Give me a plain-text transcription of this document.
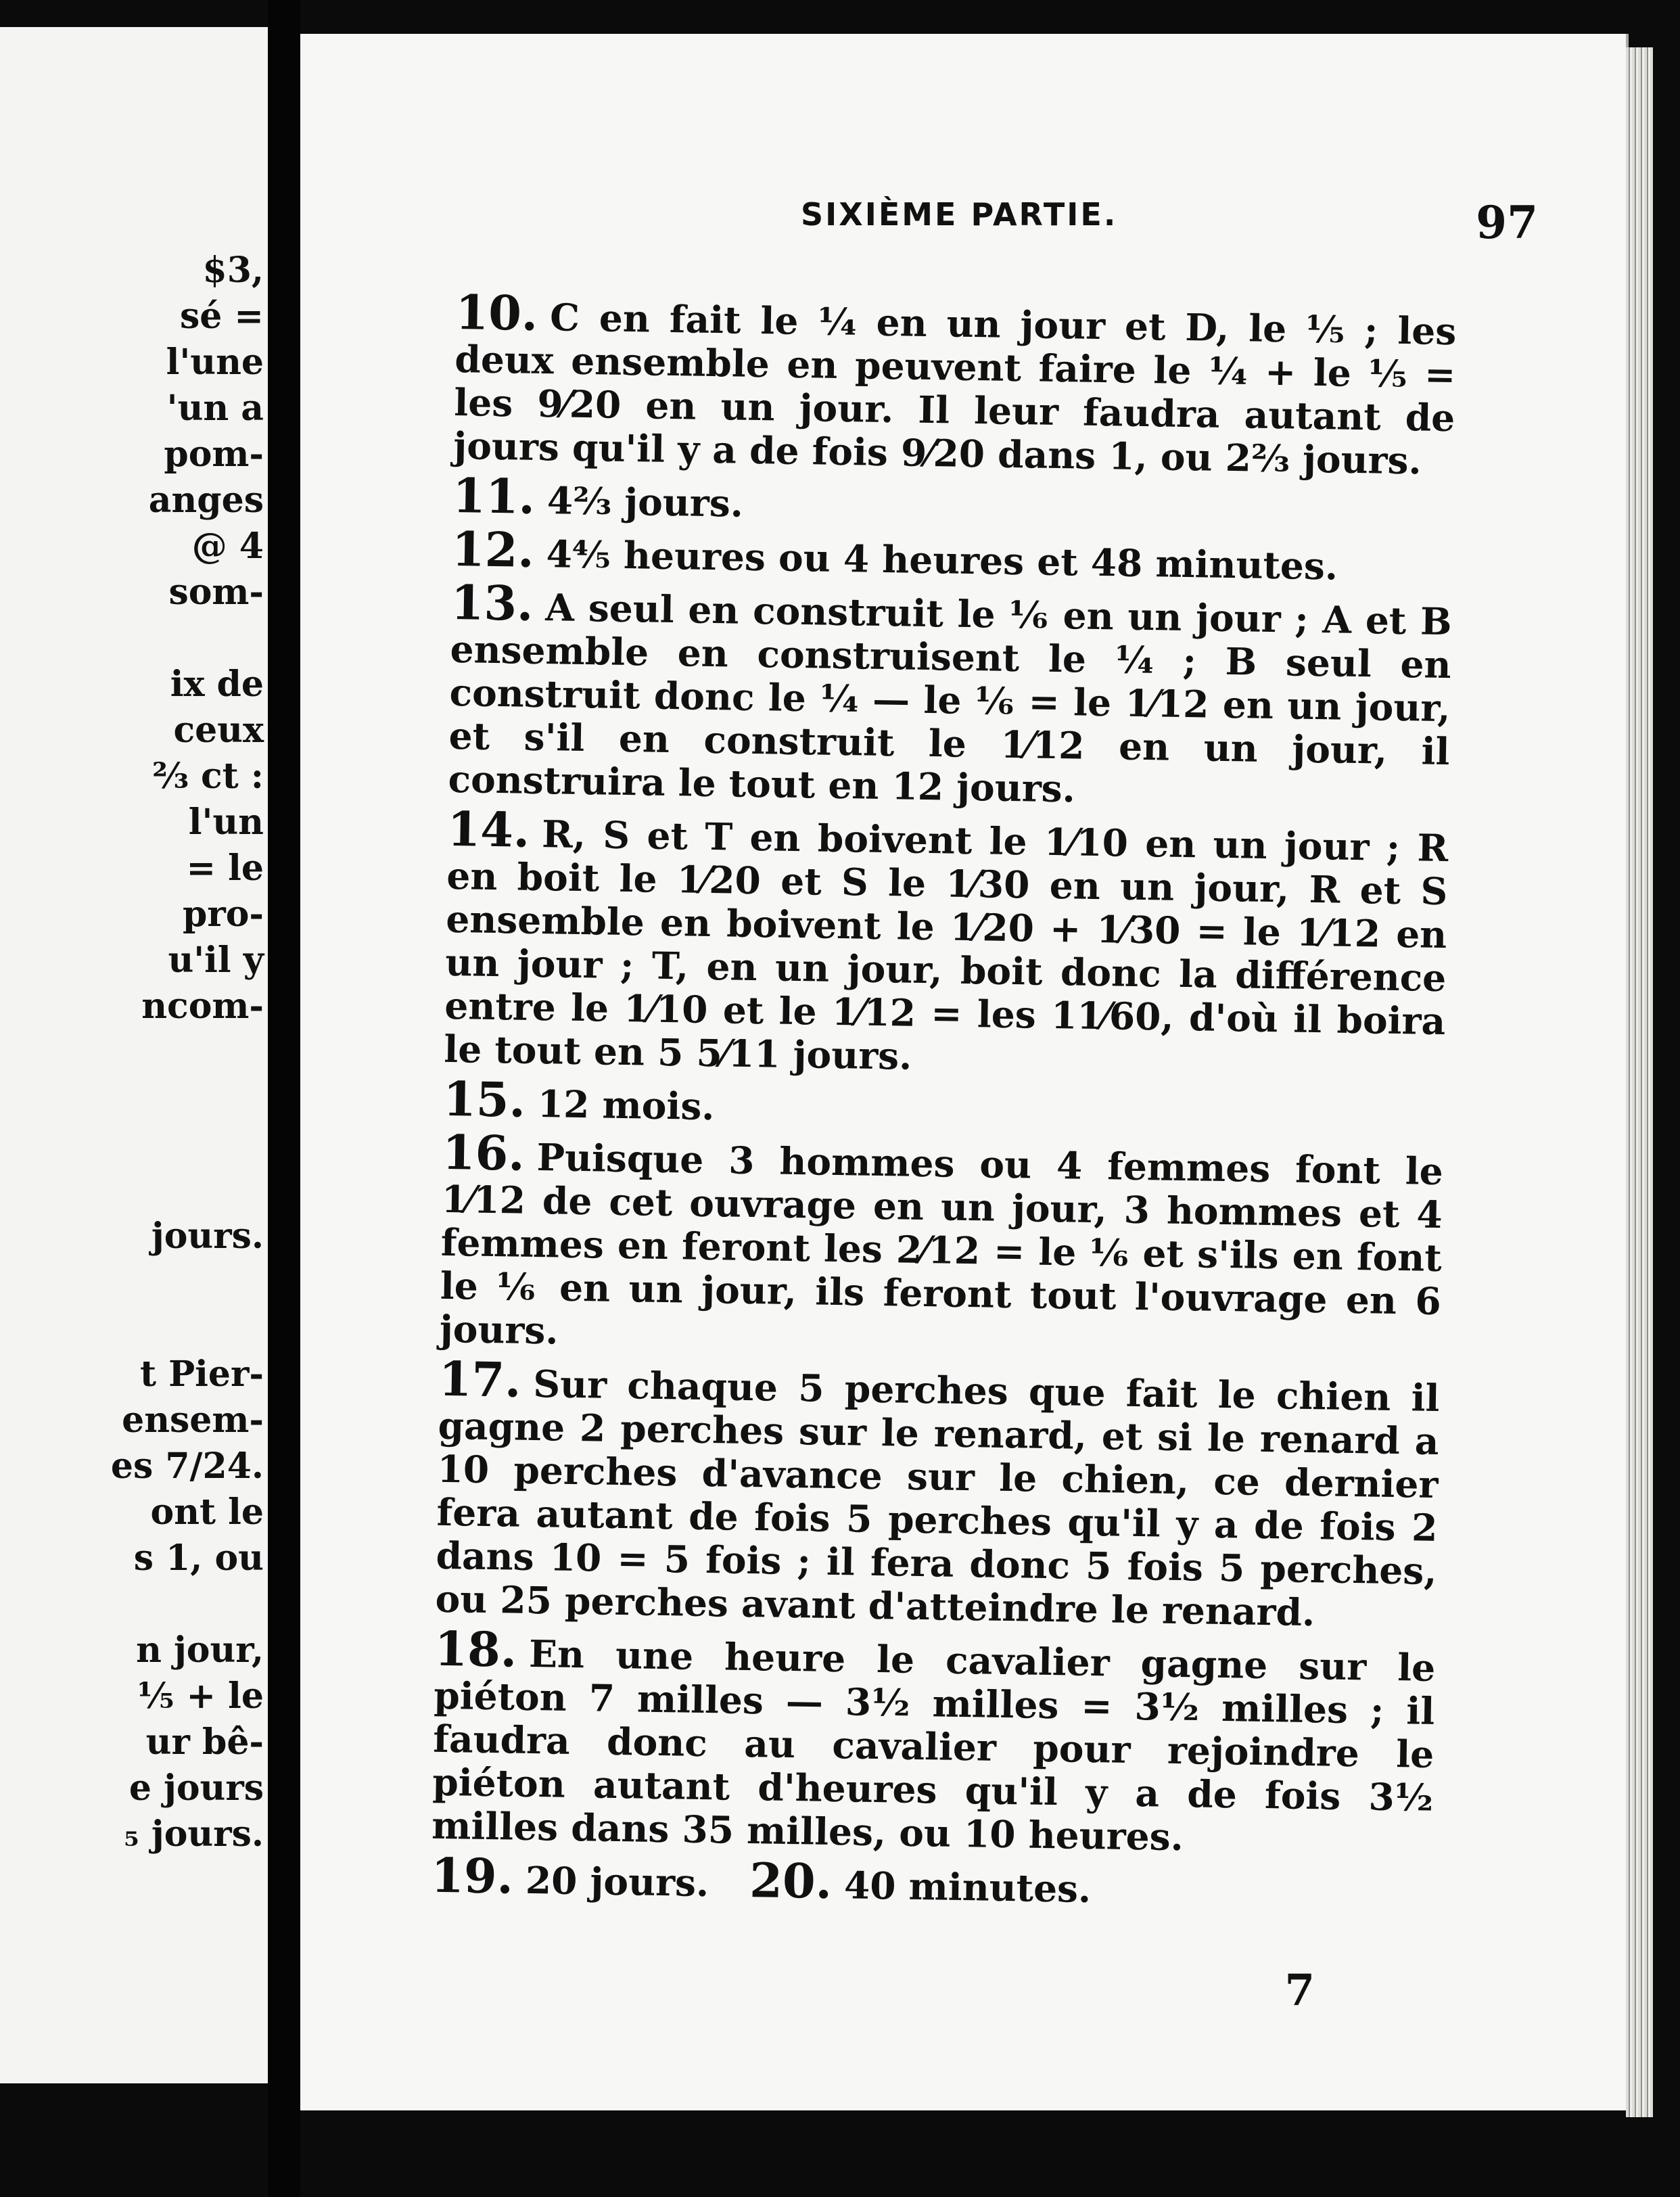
$3,
sé =
l'une
'un a
pom-
anges
@ 4
som-
ix de
ceux
⅔ ct :
l'un
= le
pro-
u'il y
ncom-
jours.
t Pier-
ensem-
es 7/24.
ont le
s 1, ou
n jour,
⅕ + le
ur bê-
e jours
₅ jours.
SIXIÈME PARTIE.	97
10. C en fait le ¼ en un jour et D, le ⅕ ; les deux ensemble en peuvent faire le ¼ + le ⅕ = les 9⁄20 en un jour. Il leur faudra autant de jours qu'il y a de fois 9⁄20 dans 1, ou 2⅔ jours.
11. 4⅔ jours.
12. 4⅘ heures ou 4 heures et 48 minutes.
13. A seul en construit le ⅙ en un jour ; A et B ensemble en construisent le ¼ ; B seul en construit donc le ¼ — le ⅙ = le 1⁄12 en un jour, et s'il en construit le 1⁄12 en un jour, il construira le tout en 12 jours.
14. R, S et T en boivent le 1⁄10 en un jour ; R en boit le 1⁄20 et S le 1⁄30 en un jour, R et S ensemble en boivent le 1⁄20 + 1⁄30 = le 1⁄12 en un jour ; T, en un jour, boit donc la différence entre le 1⁄10 et le 1⁄12 = les 11⁄60, d'où il boira le tout en 5 5⁄11 jours.
15. 12 mois.
16. Puisque 3 hommes ou 4 femmes font le 1⁄12 de cet ouvrage en un jour, 3 hommes et 4 femmes en feront les 2⁄12 = le ⅙ et s'ils en font le ⅙ en un jour, ils feront tout l'ouvrage en 6 jours.
17. Sur chaque 5 perches que fait le chien il gagne 2 perches sur le renard, et si le renard a 10 perches d'avance sur le chien, ce dernier fera autant de fois 5 perches qu'il y a de fois 2 dans 10 = 5 fois ; il fera donc 5 fois 5 perches, ou 25 perches avant d'atteindre le renard.
18. En une heure le cavalier gagne sur le piéton 7 milles — 3½ milles = 3½ milles ; il faudra donc au cavalier pour rejoindre le piéton autant d'heures qu'il y a de fois 3½ milles dans 35 milles, ou 10 heures.
19. 20 jours. 20. 40 minutes.
7
